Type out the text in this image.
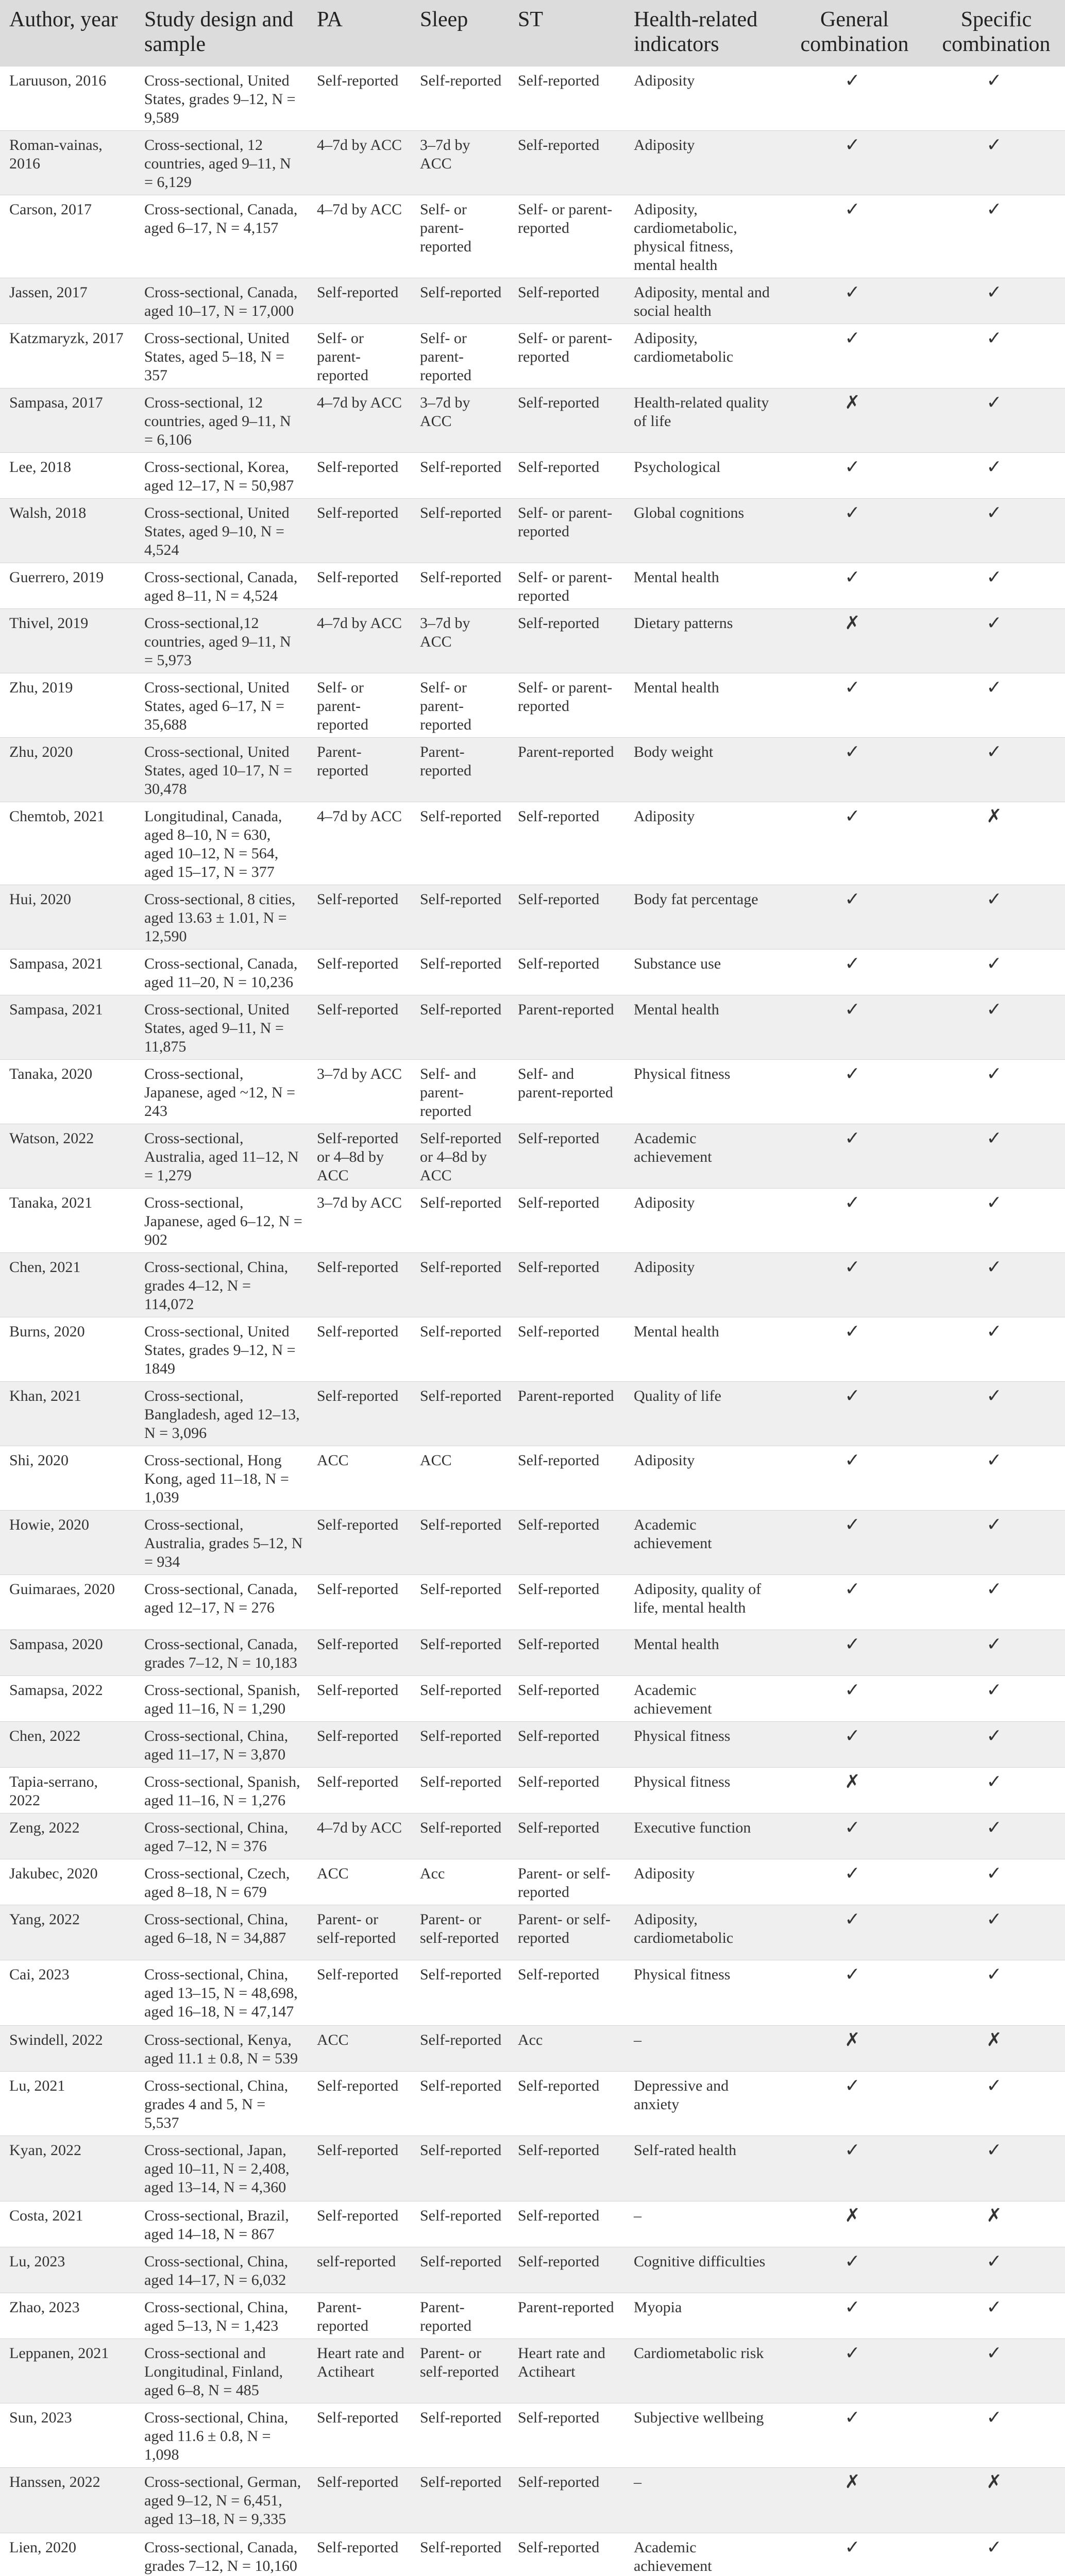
Author, year	Study design and sample	PA	Sleep	ST	Health-related indicators	General combination	Specific combination
Laruuson, 2016	Cross-sectional, United States, grades 9–12, N = 9,589	Self-reported	Self-reported	Self-reported	Adiposity	✓	✓
Roman-vainas, 2016	Cross-sectional, 12 countries, aged 9–11, N = 6,129	4–7d by ACC	3–7d by ACC	Self-reported	Adiposity	✓	✓
Carson, 2017	Cross-sectional, Canada, aged 6–17, N = 4,157	4–7d by ACC	Self- or parent-reported	Self- or parent-reported	Adiposity, cardiometabolic, physical fitness, mental health	✓	✓
Jassen, 2017	Cross-sectional, Canada, aged 10–17, N = 17,000	Self-reported	Self-reported	Self-reported	Adiposity, mental and social health	✓	✓
Katzmaryzk, 2017	Cross-sectional, United States, aged 5–18, N = 357	Self- or parent-reported	Self- or parent-reported	Self- or parent-reported	Adiposity, cardiometabolic	✓	✓
Sampasa, 2017	Cross-sectional, 12 countries, aged 9–11, N = 6,106	4–7d by ACC	3–7d by ACC	Self-reported	Health-related quality of life	✗	✓
Lee, 2018	Cross-sectional, Korea, aged 12–17, N = 50,987	Self-reported	Self-reported	Self-reported	Psychological	✓	✓
Walsh, 2018	Cross-sectional, United States, aged 9–10, N = 4,524	Self-reported	Self-reported	Self- or parent-reported	Global cognitions	✓	✓
Guerrero, 2019	Cross-sectional, Canada, aged 8–11, N = 4,524	Self-reported	Self-reported	Self- or parent-reported	Mental health	✓	✓
Thivel, 2019	Cross-sectional,12 countries, aged 9–11, N = 5,973	4–7d by ACC	3–7d by ACC	Self-reported	Dietary patterns	✗	✓
Zhu, 2019	Cross-sectional, United States, aged 6–17, N = 35,688	Self- or parent-reported	Self- or parent-reported	Self- or parent-reported	Mental health	✓	✓
Zhu, 2020	Cross-sectional, United States, aged 10–17, N = 30,478	Parent-reported	Parent-reported	Parent-reported	Body weight	✓	✓
Chemtob, 2021	Longitudinal, Canada, aged 8–10, N = 630, aged 10–12, N = 564, aged 15–17, N = 377	4–7d by ACC	Self-reported	Self-reported	Adiposity	✓	✗
Hui, 2020	Cross-sectional, 8 cities, aged 13.63 ± 1.01, N = 12,590	Self-reported	Self-reported	Self-reported	Body fat percentage	✓	✓
Sampasa, 2021	Cross-sectional, Canada, aged 11–20, N = 10,236	Self-reported	Self-reported	Self-reported	Substance use	✓	✓
Sampasa, 2021	Cross-sectional, United States, aged 9–11, N = 11,875	Self-reported	Self-reported	Parent-reported	Mental health	✓	✓
Tanaka, 2020	Cross-sectional, Japanese, aged ~12, N = 243	3–7d by ACC	Self- and parent-reported	Self- and parent-reported	Physical fitness	✓	✓
Watson, 2022	Cross-sectional, Australia, aged 11–12, N = 1,279	Self-reported or 4–8d by ACC	Self-reported or 4–8d by ACC	Self-reported	Academic achievement	✓	✓
Tanaka, 2021	Cross-sectional, Japanese, aged 6–12, N = 902	3–7d by ACC	Self-reported	Self-reported	Adiposity	✓	✓
Chen, 2021	Cross-sectional, China, grades 4–12, N = 114,072	Self-reported	Self-reported	Self-reported	Adiposity	✓	✓
Burns, 2020	Cross-sectional, United States, grades 9–12, N = 1849	Self-reported	Self-reported	Self-reported	Mental health	✓	✓
Khan, 2021	Cross-sectional, Bangladesh, aged 12–13, N = 3,096	Self-reported	Self-reported	Parent-reported	Quality of life	✓	✓
Shi, 2020	Cross-sectional, Hong Kong, aged 11–18, N = 1,039	ACC	ACC	Self-reported	Adiposity	✓	✓
Howie, 2020	Cross-sectional, Australia, grades 5–12, N = 934	Self-reported	Self-reported	Self-reported	Academic achievement	✓	✓
Guimaraes, 2020	Cross-sectional, Canada, aged 12–17, N = 276	Self-reported	Self-reported	Self-reported	Adiposity, quality of life, mental health	✓	✓
Sampasa, 2020	Cross-sectional, Canada, grades 7–12, N = 10,183	Self-reported	Self-reported	Self-reported	Mental health	✓	✓
Samapsa, 2022	Cross-sectional, Spanish, aged 11–16, N = 1,290	Self-reported	Self-reported	Self-reported	Academic achievement	✓	✓
Chen, 2022	Cross-sectional, China, aged 11–17, N = 3,870	Self-reported	Self-reported	Self-reported	Physical fitness	✓	✓
Tapia-serrano, 2022	Cross-sectional, Spanish, aged 11–16, N = 1,276	Self-reported	Self-reported	Self-reported	Physical fitness	✗	✓
Zeng, 2022	Cross-sectional, China, aged 7–12, N = 376	4–7d by ACC	Self-reported	Self-reported	Executive function	✓	✓
Jakubec, 2020	Cross-sectional, Czech, aged 8–18, N = 679	ACC	Acc	Parent- or self-reported	Adiposity	✓	✓
Yang, 2022	Cross-sectional, China, aged 6–18, N = 34,887	Parent- or self-reported	Parent- or self-reported	Parent- or self-reported	Adiposity, cardiometabolic	✓	✓
Cai, 2023	Cross-sectional, China, aged 13–15, N = 48,698, aged 16–18, N = 47,147	Self-reported	Self-reported	Self-reported	Physical fitness	✓	✓
Swindell, 2022	Cross-sectional, Kenya, aged 11.1 ± 0.8, N = 539	ACC	Self-reported	Acc	–	✗	✗
Lu, 2021	Cross-sectional, China, grades 4 and 5, N = 5,537	Self-reported	Self-reported	Self-reported	Depressive and anxiety	✓	✓
Kyan, 2022	Cross-sectional, Japan, aged 10–11, N = 2,408, aged 13–14, N = 4,360	Self-reported	Self-reported	Self-reported	Self-rated health	✓	✓
Costa, 2021	Cross-sectional, Brazil, aged 14–18, N = 867	Self-reported	Self-reported	Self-reported	–	✗	✗
Lu, 2023	Cross-sectional, China, aged 14–17, N = 6,032	self-reported	Self-reported	Self-reported	Cognitive difficulties	✓	✓
Zhao, 2023	Cross-sectional, China, aged 5–13, N = 1,423	Parent-reported	Parent-reported	Parent-reported	Myopia	✓	✓
Leppanen, 2021	Cross-sectional and Longitudinal, Finland, aged 6–8, N = 485	Heart rate and Actiheart	Parent- or self-reported	Heart rate and Actiheart	Cardiometabolic risk	✓	✓
Sun, 2023	Cross-sectional, China, aged 11.6 ± 0.8, N = 1,098	Self-reported	Self-reported	Self-reported	Subjective wellbeing	✓	✓
Hanssen, 2022	Cross-sectional, German, aged 9–12, N = 6,451, aged 13–18, N = 9,335	Self-reported	Self-reported	Self-reported	–	✗	✗
Lien, 2020	Cross-sectional, Canada, grades 7–12, N = 10,160	Self-reported	Self-reported	Self-reported	Academic achievement	✓	✓
